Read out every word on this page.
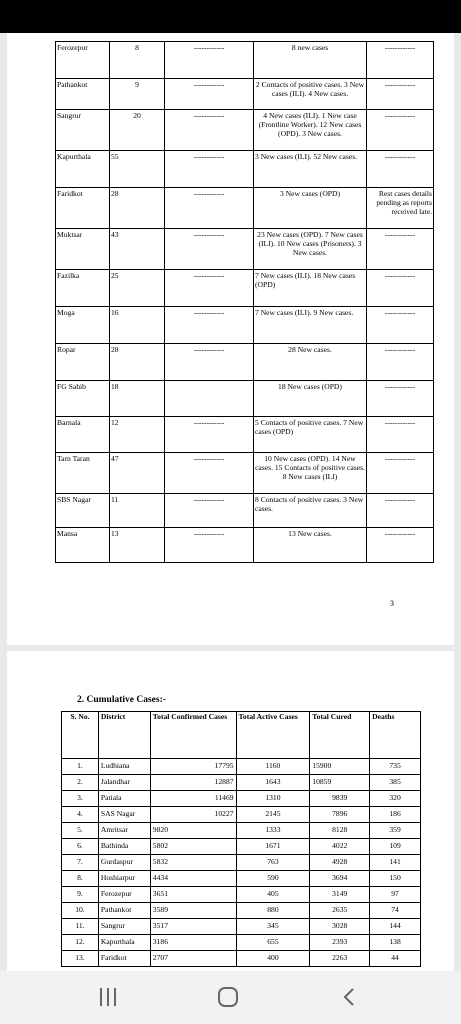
Ferozepur	8	------------	8 new cases	------------
Pathankot	9	------------	2 Contacts of positive cases. 3 New cases (ILI). 4 New cases.	------------
Sangrur	20	------------	4 New cases (ILI). 1 New case (Frontline Worker). 12 New cases (OPD). 3 New cases.	------------
Kapurthala	55	------------	3 New cases (ILI). 52 New cases.	------------
Faridkot	28	------------	3 New cases (OPD)	Rest cases details pending as reports received late.
Muktsar	43	------------	23 New cases (OPD). 7 New cases (ILI). 10 New cases (Prisoners). 3 New cases.	------------
Fazilka	25	------------	7 New cases (ILI). 18 New cases (OPD)	------------
Moga	16	------------	7 New cases (ILI). 9 New cases.	------------
Ropar	28	------------	28 New cases.	------------
FG Sahib	18		18 New cases (OPD)	------------
Barnala	12	------------	5 Contacts of positive cases. 7 New cases (OPD)	------------
Tarn Taran	47	------------	10 New cases (OPD). 14 New cases. 15 Contacts of positive cases. 8 New cases (ILI)	------------
SBS Nagar	11	------------	8 Contacts of positive cases. 3 New cases.	------------
Mansa	13	------------	13 New cases.	------------
3
2. Cumulative Cases:-
S. No.	District	Total Confirmed Cases	Total Active Cases	Total Cured	Deaths
1.	Ludhiana	17795	1160	15900	735
2.	Jalandhar	12887	1643	10859	385
3.	Patiala	11469	1310	9839	320
4.	SAS Nagar	10227	2145	7896	186
5.	Amritsar	9820	1333	8128	359
6.	Bathinda	5802	1671	4022	109
7.	Gurdaspur	5832	763	4928	141
8.	Hoshiarpur	4434	590	3694	150
9.	Ferozepur	3651	405	3149	97
10.	Pathankot	3589	880	2635	74
11.	Sangrur	3517	345	3028	144
12.	Kapurthala	3186	655	2393	138
13.	Faridkot	2707	400	2263	44
